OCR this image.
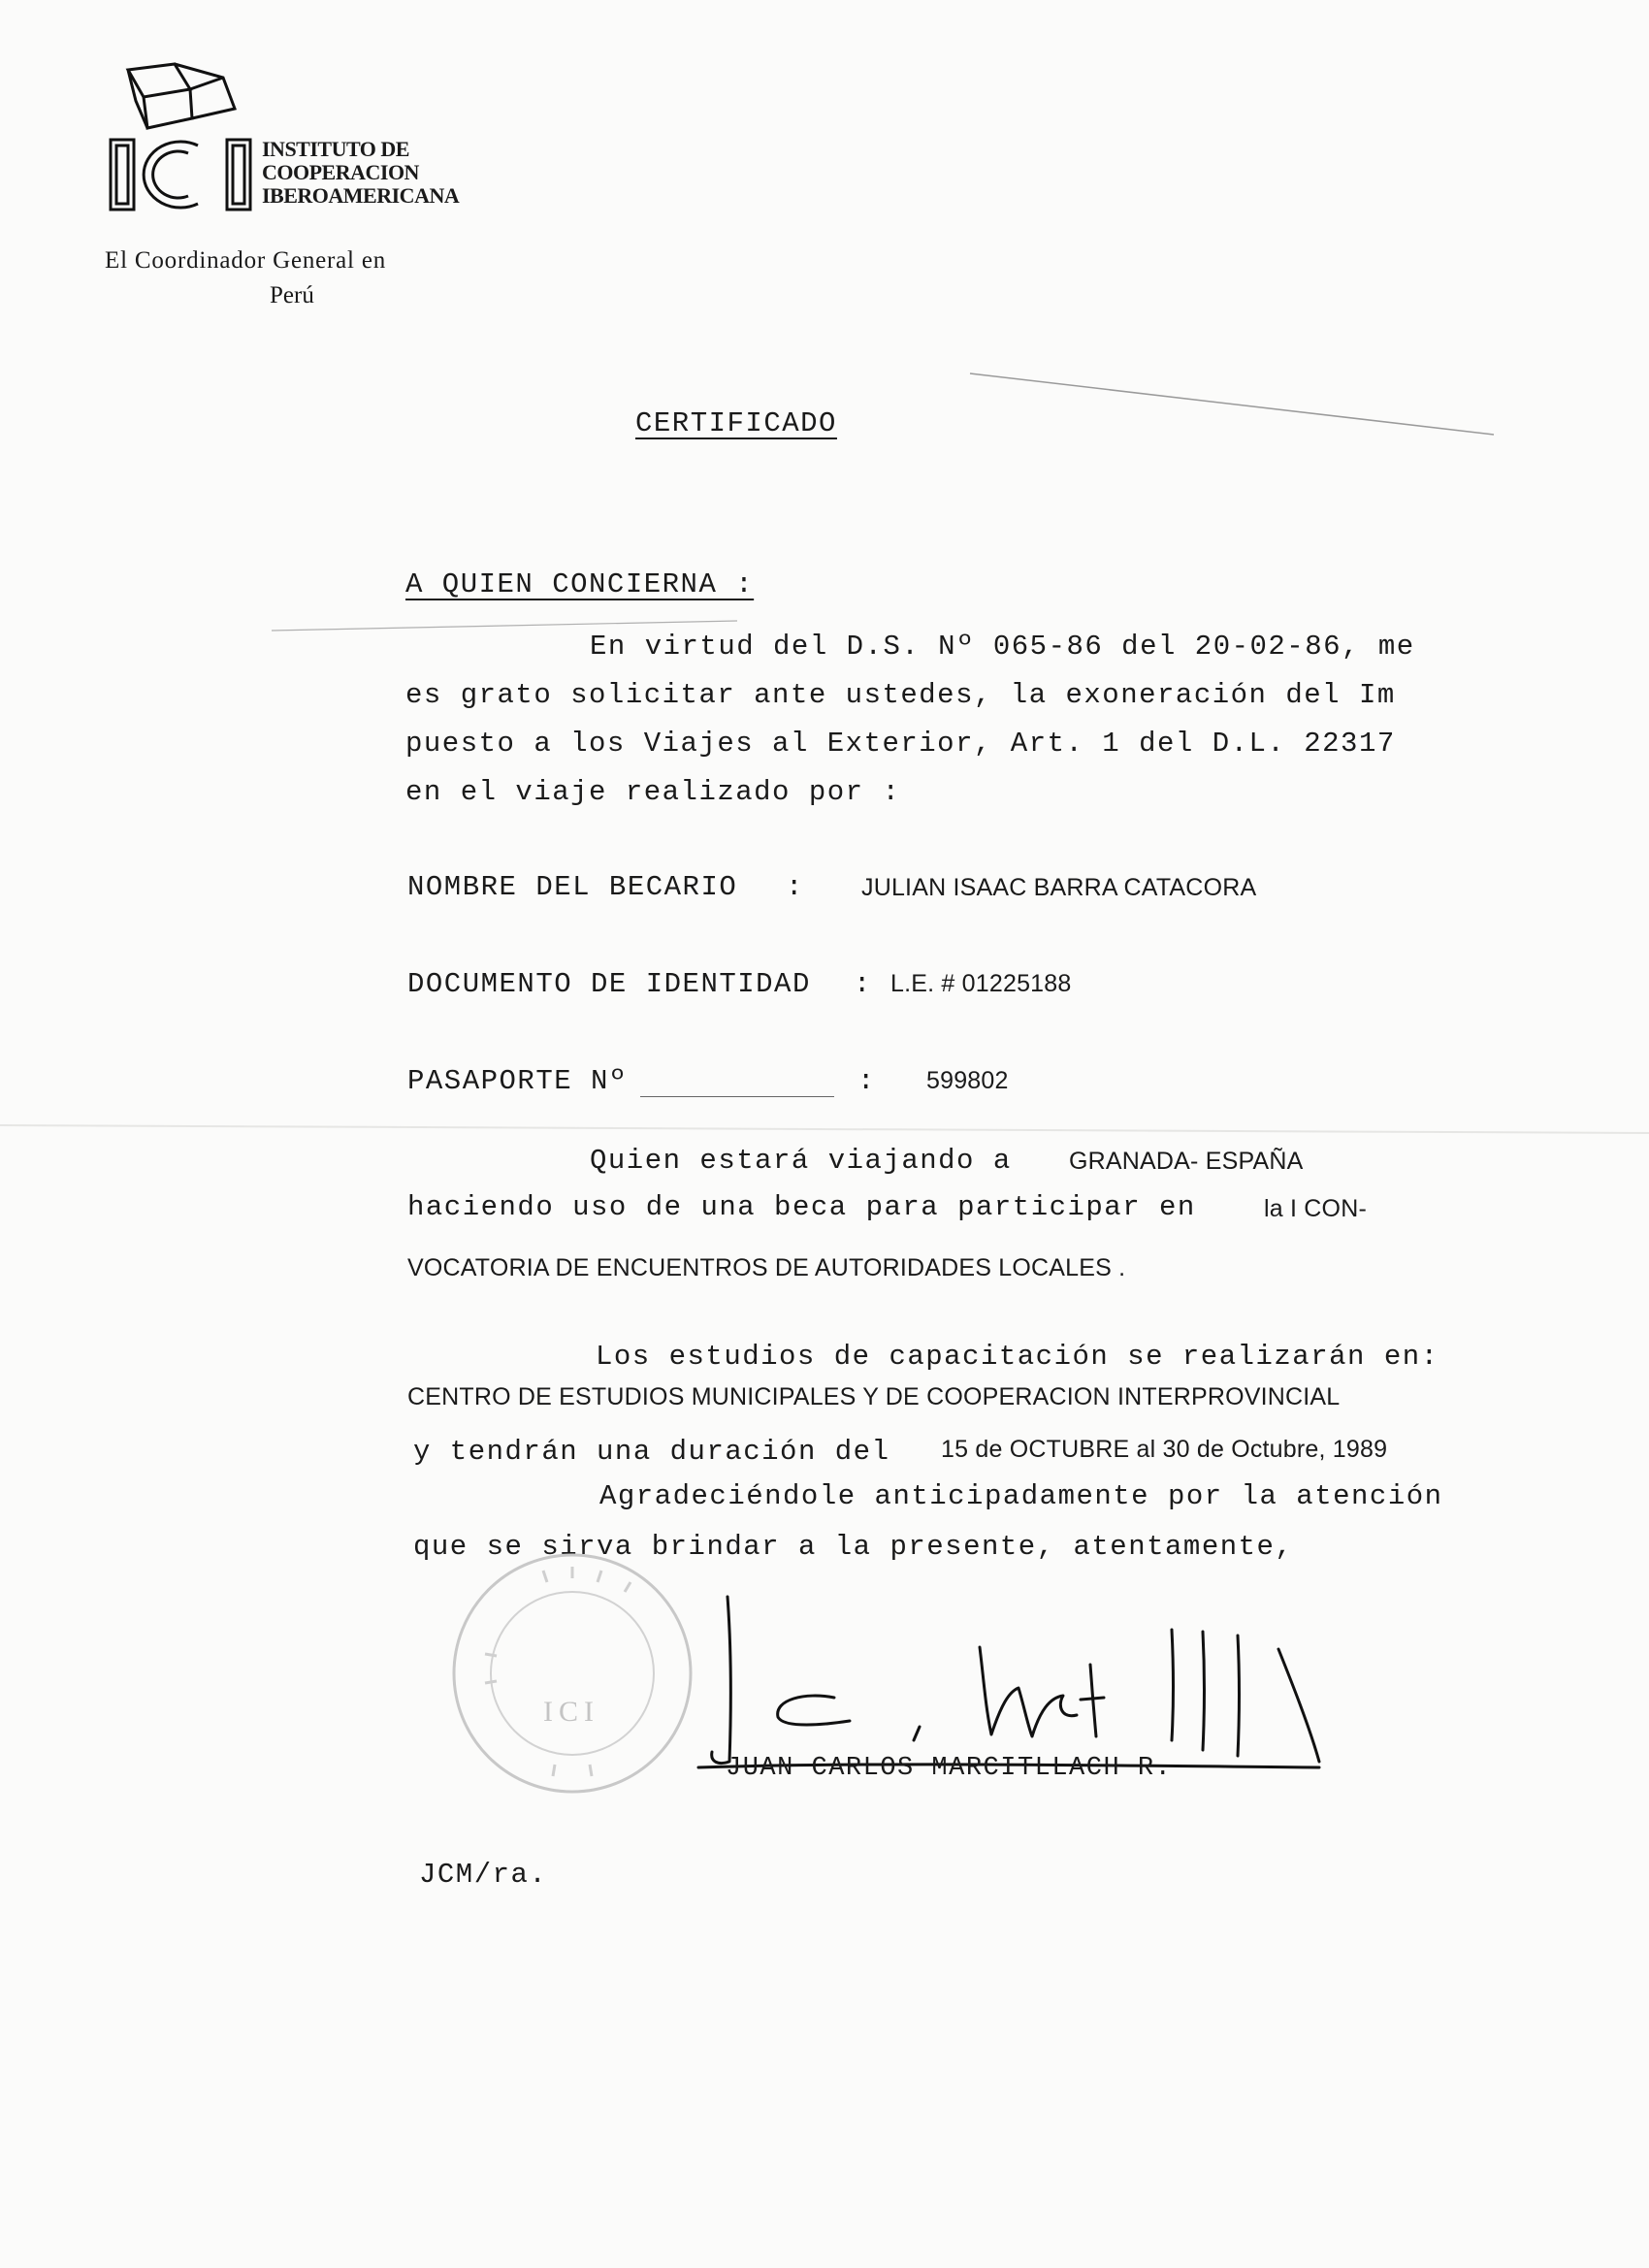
INSTITUTO DE
COOPERACION
IBEROAMERICANA

El Coordinador General en

Perú

CERTIFICADO

A QUIEN CONCIERNA :

En virtud del D.S. Nº 065-86 del 20-02-86, me

es grato solicitar ante ustedes, la exoneración del Im

puesto a los Viajes al Exterior, Art. 1 del D.L. 22317

en el viaje realizado por :

NOMBRE DEL BECARIO : JULIAN ISAAC BARRA CATACORA

DOCUMENTO DE IDENTIDAD : L.E. # 01225188

PASAPORTE Nº	: 599802

Quien estará viajando a GRANADA- ESPAÑA

haciendo uso de una beca para participar en	la I CON-

VOCATORIA DE ENCUENTROS DE AUTORIDADES LOCALES .

Los estudios de capacitación se realizarán en:

CENTRO DE ESTUDIOS MUNICIPALES Y DE COOPERACION INTERPROVINCIAL

y tendrán una duración del 15 de OCTUBRE al 30 de Octubre, 1989

Agradeciéndole anticipadamente por la atención

que se sirva brindar a la presente, atentamente,

ICI

JUAN CARLOS MARCITLLACH R.

JCM/ra.
